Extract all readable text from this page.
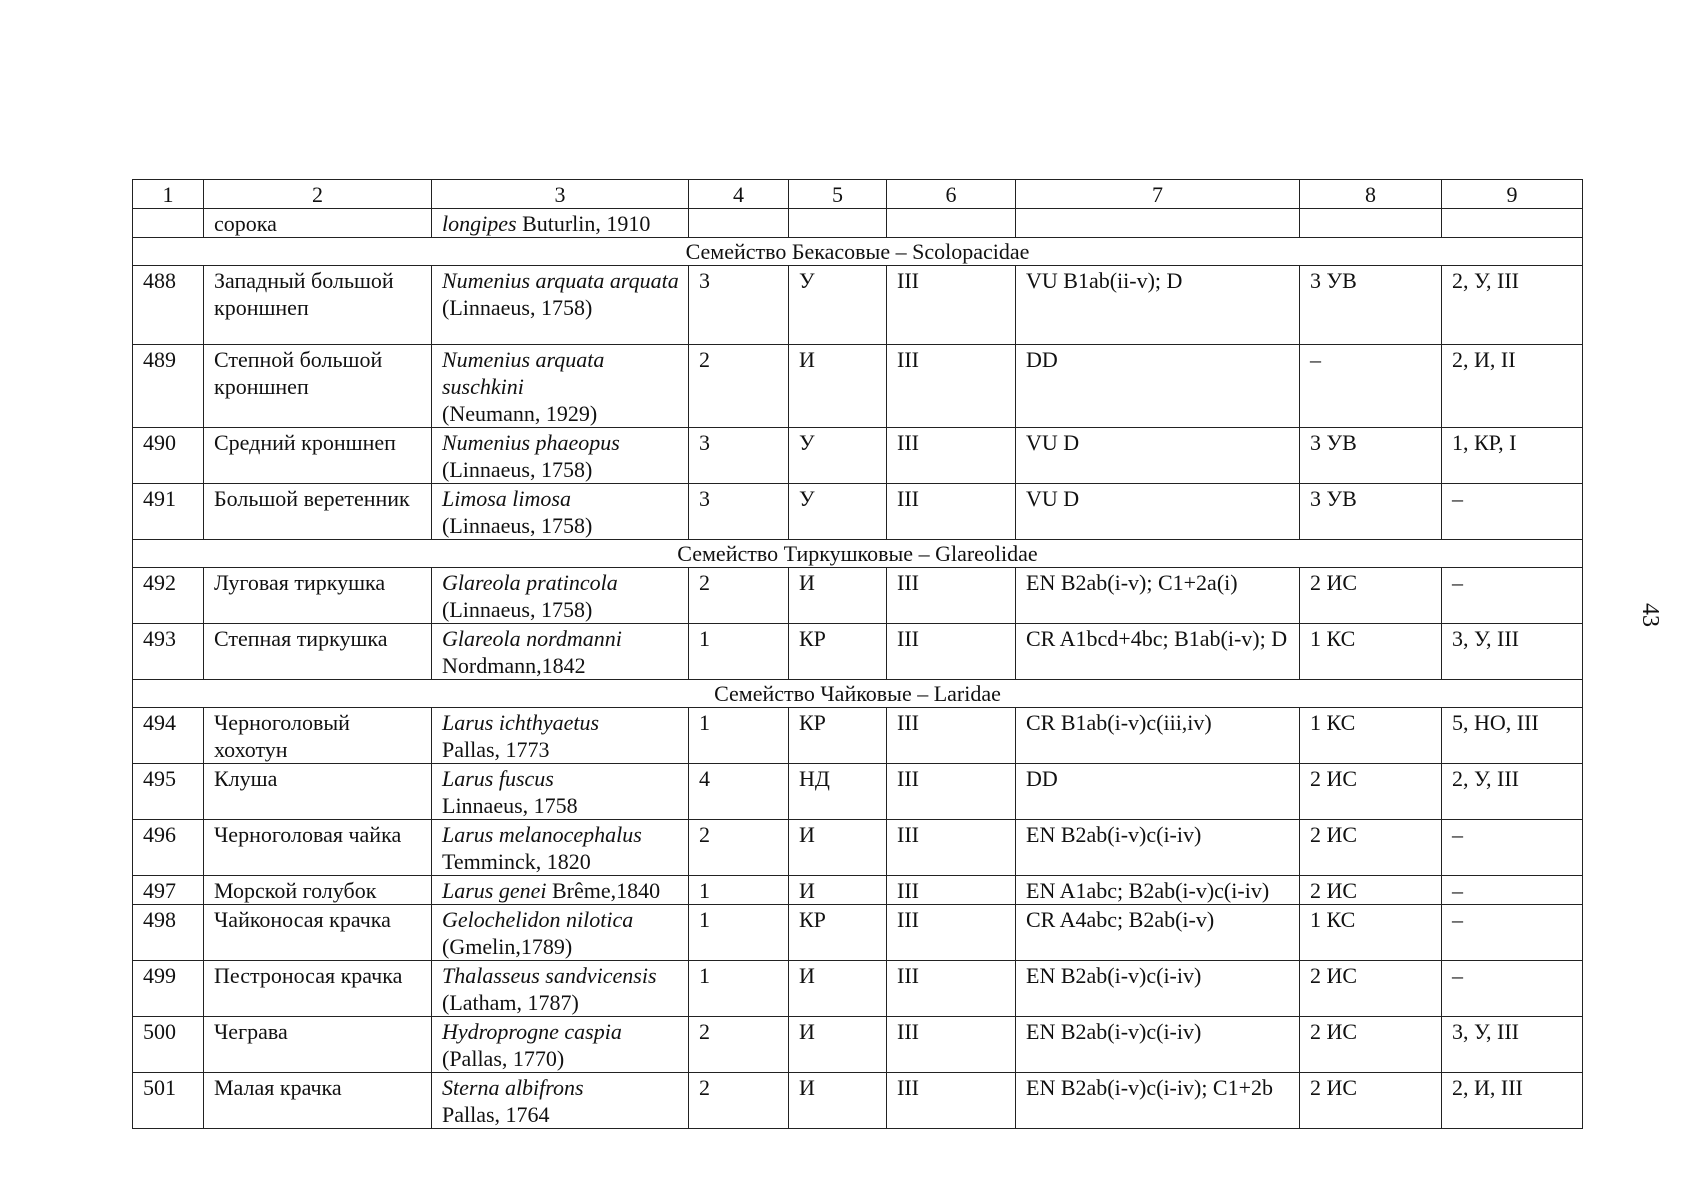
43
1	2	3	4	5	6	7	8	9
	сорока	longipes Buturlin, 1910						
Семейство Бекасовые – Scolopacidae								
488	Западный большой кроншнеп	Numenius arquata arquata
(Linnaeus, 1758)	3	У	III	VU B1ab(ii-v); D	3 УВ	2, У, III
489	Степной большой кроншнеп	Numenius arquata suschkini
(Neumann, 1929)	2	И	III	DD	–	2, И, II
490	Средний кроншнеп	Numenius phaeopus
(Linnaeus, 1758)	3	У	III	VU D	3 УВ	1, КР, I
491	Большой веретенник	Limosa limosa
(Linnaeus, 1758)	3	У	III	VU D	3 УВ	–
Семейство Тиркушковые – Glareolidae								
492	Луговая тиркушка	Glareola pratincola
(Linnaeus, 1758)	2	И	III	EN B2ab(i-v); C1+2a(i)	2 ИС	–
493	Степная тиркушка	Glareola nordmanni
Nordmann,1842	1	КР	III	CR A1bcd+4bc; B1ab(i-v); D	1 КС	3, У, III
Семейство Чайковые – Laridae								
494	Черноголовый хохотун	Larus ichthyaetus
Pallas, 1773	1	КР	III	CR B1ab(i-v)c(iii,iv)	1 КС	5, НО, III
495	Клуша	Larus fuscus
Linnaeus, 1758	4	НД	III	DD	2 ИС	2, У, III
496	Черноголовая чайка	Larus melanocephalus
Temminck, 1820	2	И	III	EN B2ab(i-v)c(i-iv)	2 ИС	–
497	Морской голубок	Larus genei Brême,1840	1	И	III	EN A1abc; B2ab(i-v)c(i-iv)	2 ИС	–
498	Чайконосая крачка	Gelochelidon nilotica
(Gmelin,1789)	1	КР	III	CR A4abc; B2ab(i-v)	1 КС	–
499	Пестроносая крачка	Thalasseus sandvicensis
(Latham, 1787)	1	И	III	EN B2ab(i-v)c(i-iv)	2 ИС	–
500	Чеграва	Hydroprogne caspia
(Pallas, 1770)	2	И	III	EN B2ab(i-v)c(i-iv)	2 ИС	3, У, III
501	Малая крачка	Sterna albifrons
Pallas, 1764	2	И	III	EN B2ab(i-v)c(i-iv); C1+2b	2 ИС	2, И, III
